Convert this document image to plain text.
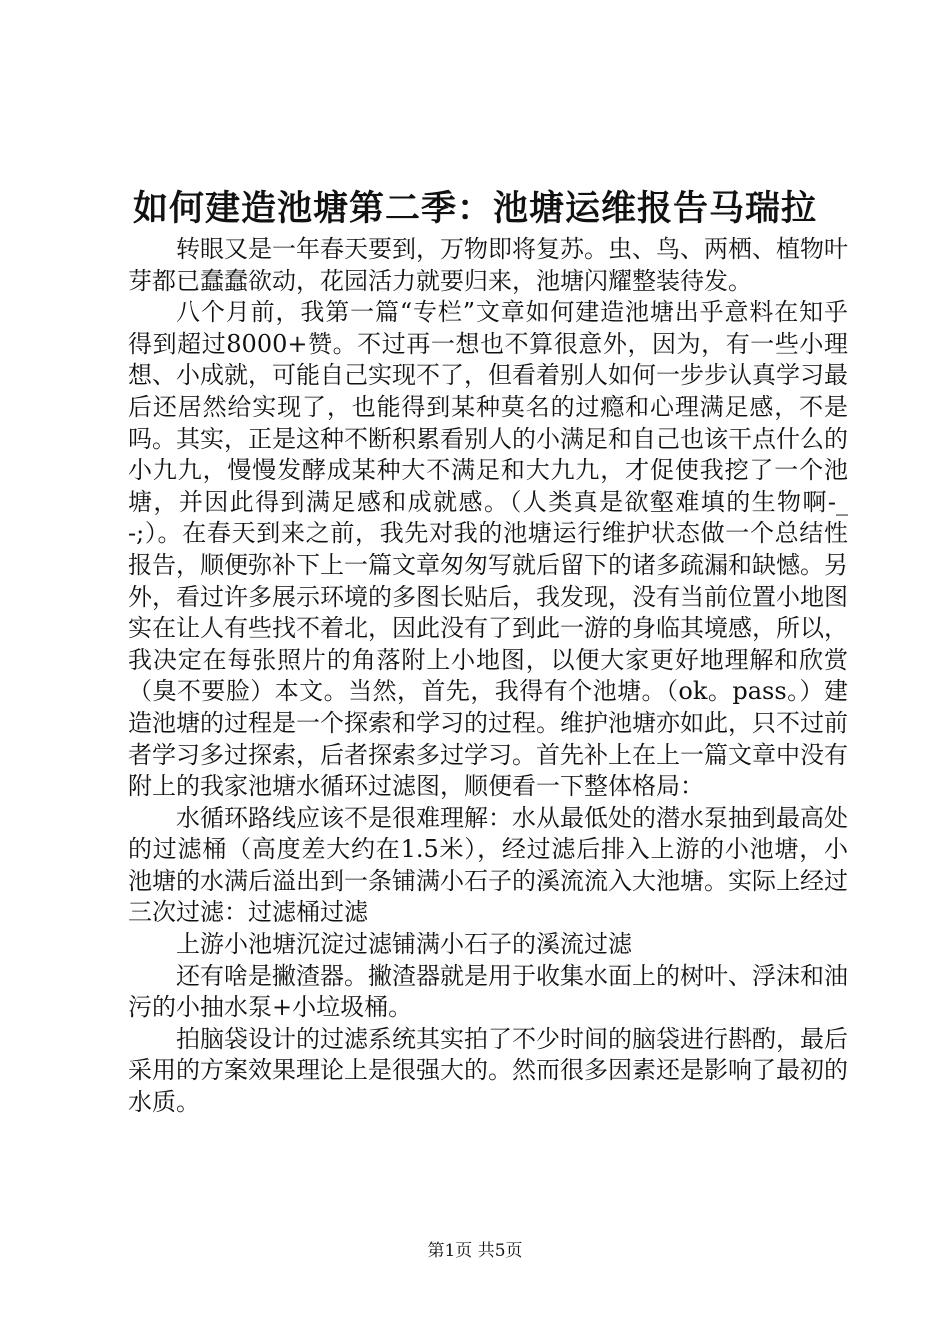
如何建造池塘第二季：池塘运维报告马瑞拉

转眼又是一年春天要到，万物即将复苏。虫、鸟、两栖、植物叶芽都已蠢蠢欲动，花园活力就要归来，池塘闪耀整装待发。

八个月前，我第一篇“专栏”文章如何建造池塘出乎意料在知乎得到超过8000+赞。不过再一想也不算很意外，因为，有一些小理想、小成就，可能自己实现不了，但看着别人如何一步步认真学习最后还居然给实现了，也能得到某种莫名的过瘾和心理满足感，不是吗。其实，正是这种不断积累看别人的小满足和自己也该干点什么的小九九，慢慢发酵成某种大不满足和大九九，才促使我挖了一个池塘，并因此得到满足感和成就感。（人类真是欲壑难填的生物啊-_-;）。在春天到来之前，我先对我的池塘运行维护状态做一个总结性报告，顺便弥补下上一篇文章匆匆写就后留下的诸多疏漏和缺憾。另外，看过许多展示环境的多图长贴后，我发现，没有当前位置小地图实在让人有些找不着北，因此没有了到此一游的身临其境感，所以，我决定在每张照片的角落附上小地图，以便大家更好地理解和欣赏（臭不要脸）本文。当然，首先，我得有个池塘。（ok。pass。）建造池塘的过程是一个探索和学习的过程。维护池塘亦如此，只不过前者学习多过探索，后者探索多过学习。首先补上在上一篇文章中没有附上的我家池塘水循环过滤图，顺便看一下整体格局：

水循环路线应该不是很难理解：水从最低处的潜水泵抽到最高处的过滤桶（高度差大约在1.5米），经过滤后排入上游的小池塘，小池塘的水满后溢出到一条铺满小石子的溪流流入大池塘。实际上经过三次过滤：过滤桶过滤

上游小池塘沉淀过滤铺满小石子的溪流过滤

还有啥是撇渣器。撇渣器就是用于收集水面上的树叶、浮沫和油污的小抽水泵+小垃圾桶。

拍脑袋设计的过滤系统其实拍了不少时间的脑袋进行斟酌，最后采用的方案效果理论上是很强大的。然而很多因素还是影响了最初的水质。

第1页 共5页
